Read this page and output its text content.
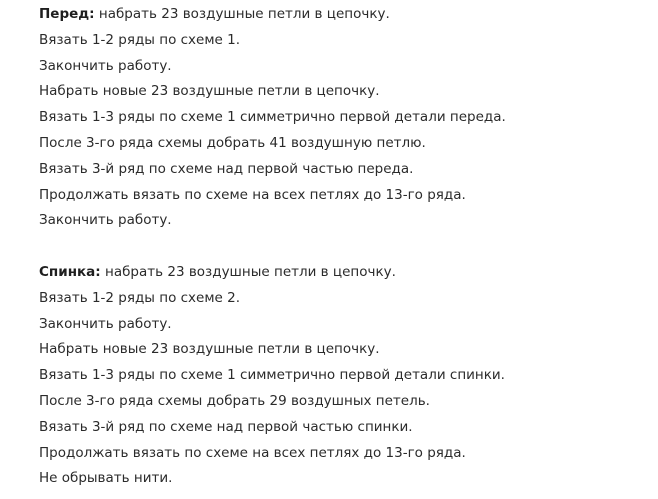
Перед: набрать 23 воздушные петли в цепочку.
Вязать 1-2 ряды по схеме 1.
Закончить работу.
Набрать новые 23 воздушные петли в цепочку.
Вязать 1-3 ряды по схеме 1 симметрично первой детали переда.
После 3-го ряда схемы добрать 41 воздушную петлю.
Вязать 3-й ряд по схеме над первой частью переда.
Продолжать вязать по схеме на всех петлях до 13-го ряда.
Закончить работу.
Спинка: набрать 23 воздушные петли в цепочку.
Вязать 1-2 ряды по схеме 2.
Закончить работу.
Набрать новые 23 воздушные петли в цепочку.
Вязать 1-3 ряды по схеме 1 симметрично первой детали спинки.
После 3-го ряда схемы добрать 29 воздушных петель.
Вязать 3-й ряд по схеме над первой частью спинки.
Продолжать вязать по схеме на всех петлях до 13-го ряда.
Не обрывать нити.
